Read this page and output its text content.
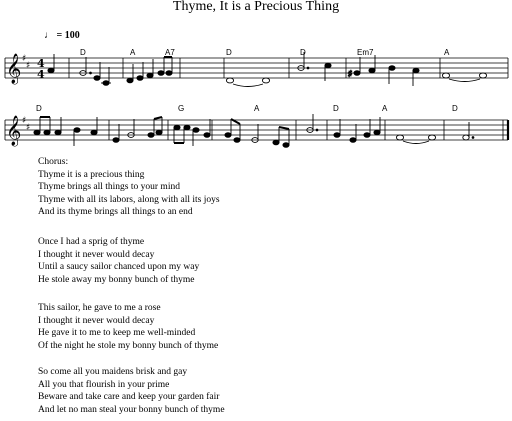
Thyme, It is a Precious Thing
♩ = 100
𝄞
𝄞
♯
♯
♯
♯
4
4
D	A	A7	D	D	Em7	A
D	G	A	D	A	D
♯
Chorus:
Thyme it is a precious thing
Thyme brings all things to your mind
Thyme with all its labors, along with all its joys
And its thyme brings all things to an end
Once I had a sprig of thyme
I thought it never would decay
Until a saucy sailor chanced upon my way
He stole away my bonny bunch of thyme
This sailor, he gave to me a rose
I thought it never would decay
He gave it to me to keep me well-minded
Of the night he stole my bonny bunch of thyme
So come all you maidens brisk and gay
All you that flourish in your prime
Beware and take care and keep your garden fair
And let no man steal your bonny bunch of thyme
